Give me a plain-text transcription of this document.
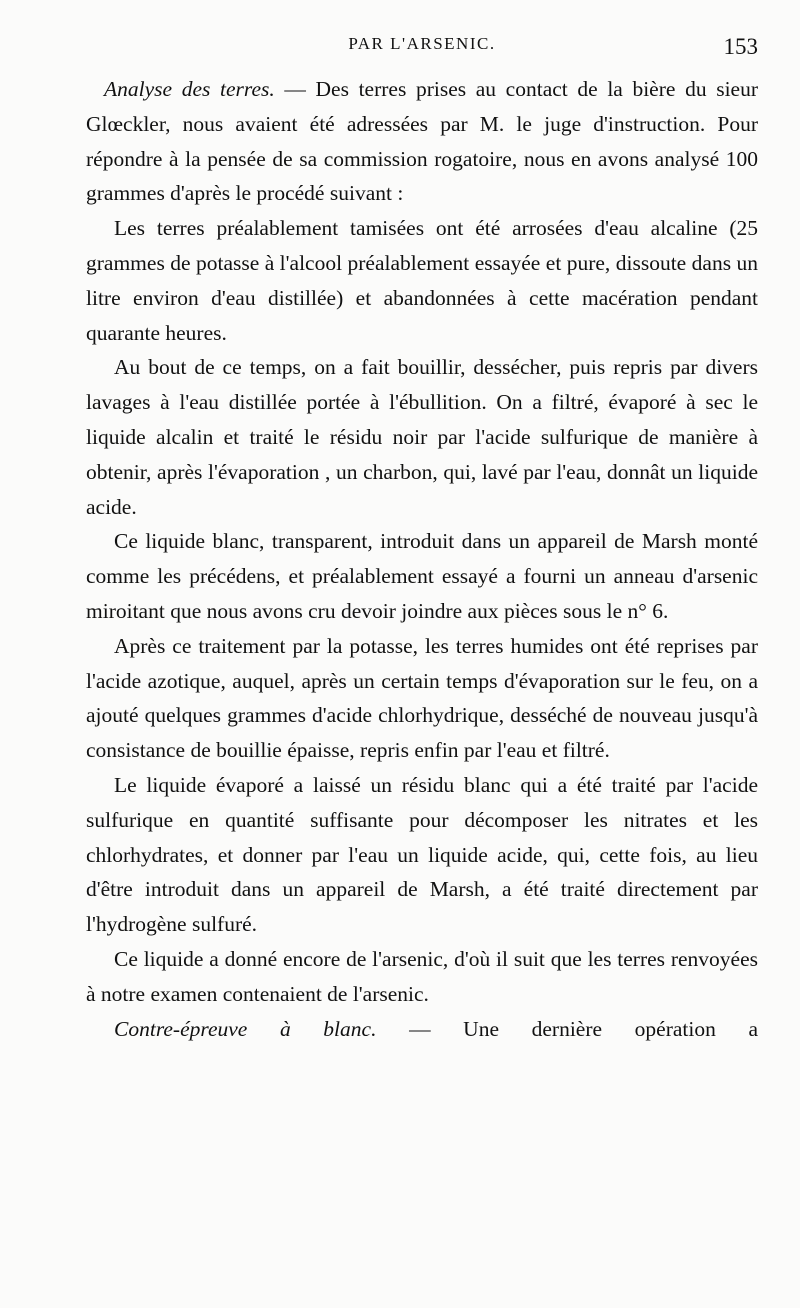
PAR L'ARSENIC.	153

Analyse des terres. — Des terres prises au contact de la bière du sieur Glœckler, nous avaient été adressées par M. le juge d'instruction. Pour répondre à la pensée de sa commission rogatoire, nous en avons analysé 100 grammes d'après le procédé suivant :

Les terres préalablement tamisées ont été arrosées d'eau alcaline (25 grammes de potasse à l'alcool préalablement essayée et pure, dissoute dans un litre environ d'eau distillée) et abandonnées à cette macération pendant quarante heures.

Au bout de ce temps, on a fait bouillir, dessécher, puis repris par divers lavages à l'eau distillée portée à l'ébullition. On a filtré, évaporé à sec le liquide alcalin et traité le résidu noir par l'acide sulfurique de manière à obtenir, après l'évaporation , un charbon, qui, lavé par l'eau, donnât un liquide acide.

Ce liquide blanc, transparent, introduit dans un appareil de Marsh monté comme les précédens, et préalablement essayé a fourni un anneau d'arsenic miroitant que nous avons cru devoir joindre aux pièces sous le n° 6.

Après ce traitement par la potasse, les terres humides ont été reprises par l'acide azotique, auquel, après un certain temps d'évaporation sur le feu, on a ajouté quelques grammes d'acide chlorhydrique, desséché de nouveau jusqu'à consistance de bouillie épaisse, repris enfin par l'eau et filtré.

Le liquide évaporé a laissé un résidu blanc qui a été traité par l'acide sulfurique en quantité suffisante pour décomposer les nitrates et les chlorhydrates, et donner par l'eau un liquide acide, qui, cette fois, au lieu d'être introduit dans un appareil de Marsh, a été traité directement par l'hydrogène sulfuré.

Ce liquide a donné encore de l'arsenic, d'où il suit que les terres renvoyées à notre examen contenaient de l'arsenic.

Contre-épreuve à blanc. — Une dernière opération a
